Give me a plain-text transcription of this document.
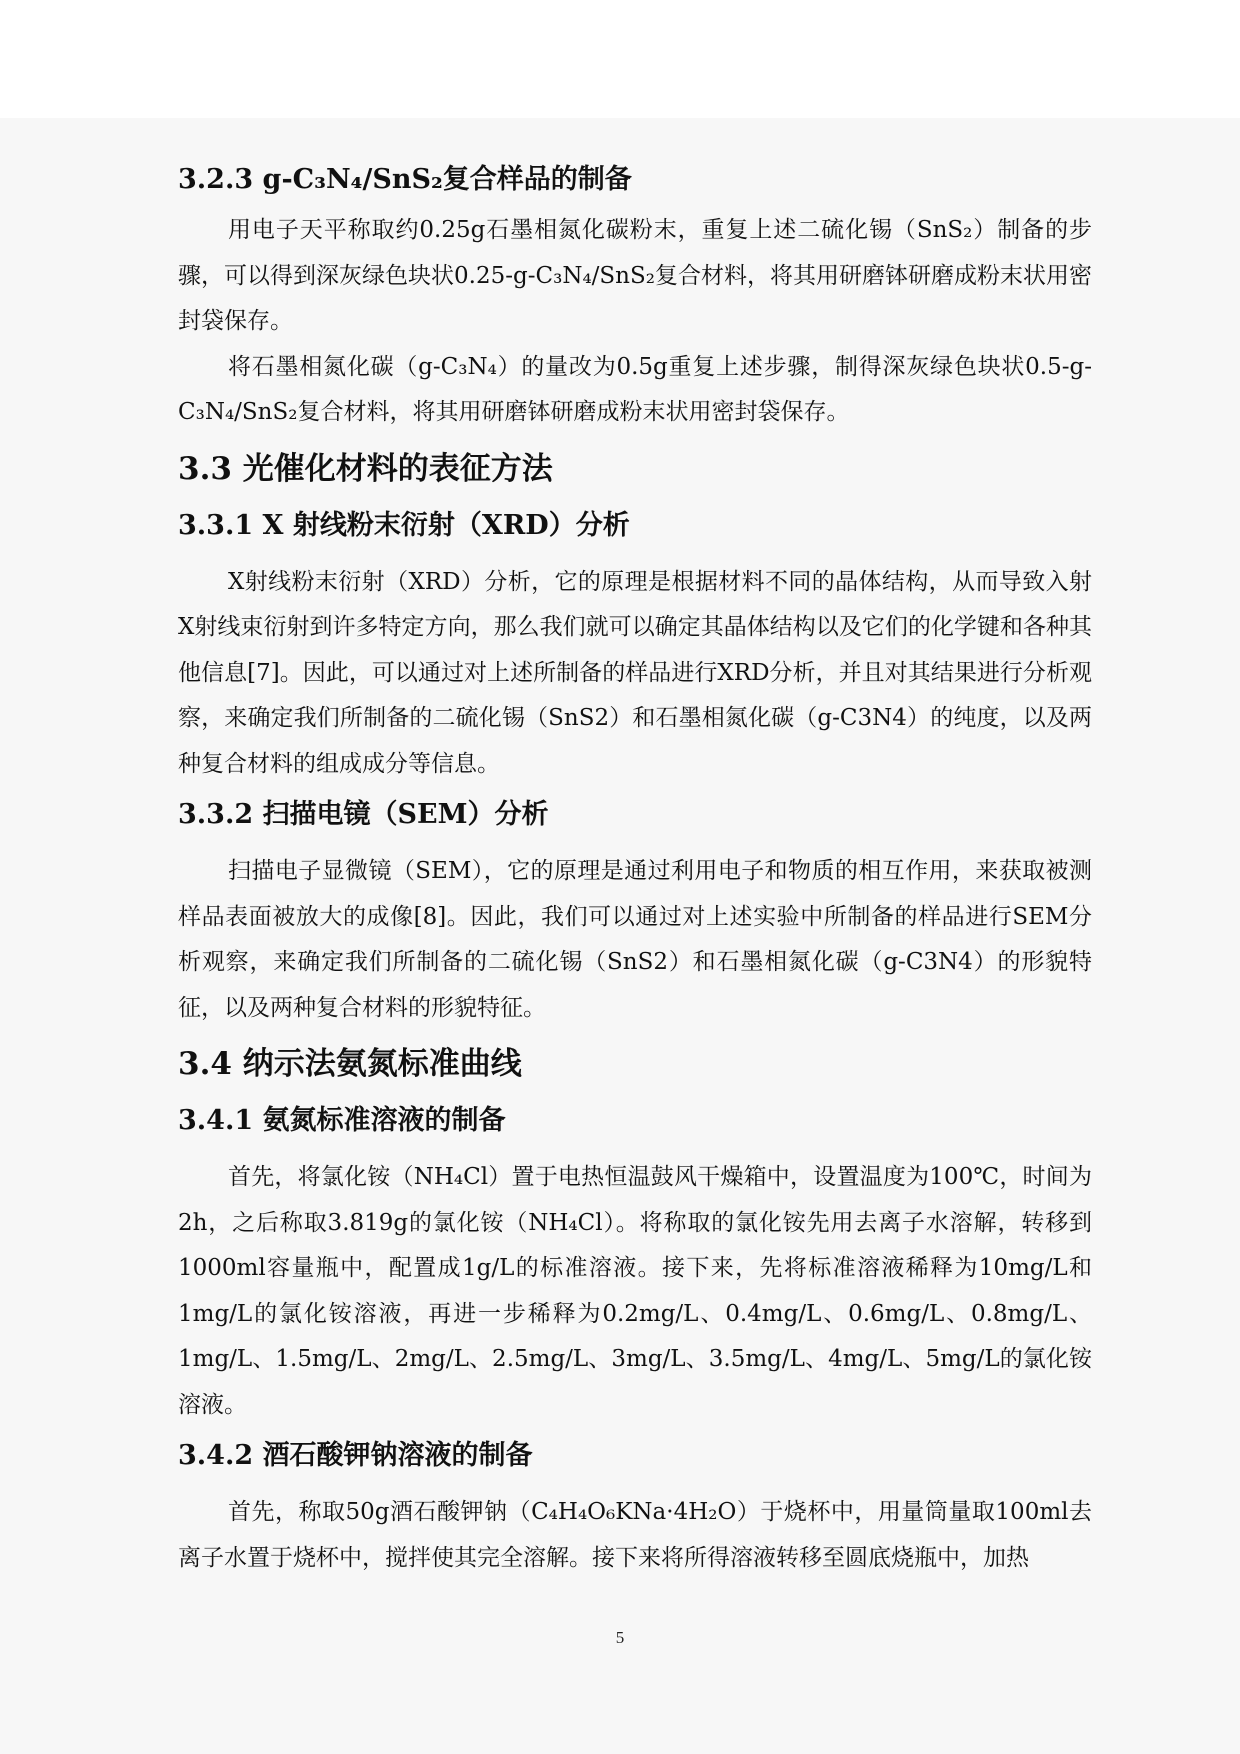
3.2.3 g-C₃N₄/SnS₂复合样品的制备

用电子天平称取约0.25g石墨相氮化碳粉末，重复上述二硫化锡（SnS₂）制备的步骤，可以得到深灰绿色块状0.25-g-C₃N₄/SnS₂复合材料，将其用研磨钵研磨成粉末状用密封袋保存。

将石墨相氮化碳（g-C₃N₄）的量改为0.5g重复上述步骤，制得深灰绿色块状0.5-g-C₃N₄/SnS₂复合材料，将其用研磨钵研磨成粉末状用密封袋保存。

3.3 光催化材料的表征方法
3.3.1 X 射线粉末衍射（XRD）分析

X射线粉末衍射（XRD）分析，它的原理是根据材料不同的晶体结构，从而导致入射X射线束衍射到许多特定方向，那么我们就可以确定其晶体结构以及它们的化学键和各种其他信息[7]。因此，可以通过对上述所制备的样品进行XRD分析，并且对其结果进行分析观察，来确定我们所制备的二硫化锡（SnS2）和石墨相氮化碳（g-C3N4）的纯度，以及两种复合材料的组成成分等信息。

3.3.2 扫描电镜（SEM）分析

扫描电子显微镜（SEM），它的原理是通过利用电子和物质的相互作用，来获取被测样品表面被放大的成像[8]。因此，我们可以通过对上述实验中所制备的样品进行SEM分析观察，来确定我们所制备的二硫化锡（SnS2）和石墨相氮化碳（g-C3N4）的形貌特征，以及两种复合材料的形貌特征。

3.4 纳示法氨氮标准曲线
3.4.1 氨氮标准溶液的制备

首先，将氯化铵（NH₄Cl）置于电热恒温鼓风干燥箱中，设置温度为100℃，时间为2h，之后称取3.819g的氯化铵（NH₄Cl）。将称取的氯化铵先用去离子水溶解，转移到1000ml容量瓶中，配置成1g/L的标准溶液。接下来，先将标准溶液稀释为10mg/L和1mg/L的氯化铵溶液，再进一步稀释为0.2mg/L、0.4mg/L、0.6mg/L、0.8mg/L、1mg/L、1.5mg/L、2mg/L、2.5mg/L、3mg/L、3.5mg/L、4mg/L、5mg/L的氯化铵溶液。

3.4.2 酒石酸钾钠溶液的制备

首先，称取50g酒石酸钾钠（C₄H₄O₆KNa·4H₂O）于烧杯中，用量筒量取100ml去离子水置于烧杯中，搅拌使其完全溶解。接下来将所得溶液转移至圆底烧瓶中，加热

5
